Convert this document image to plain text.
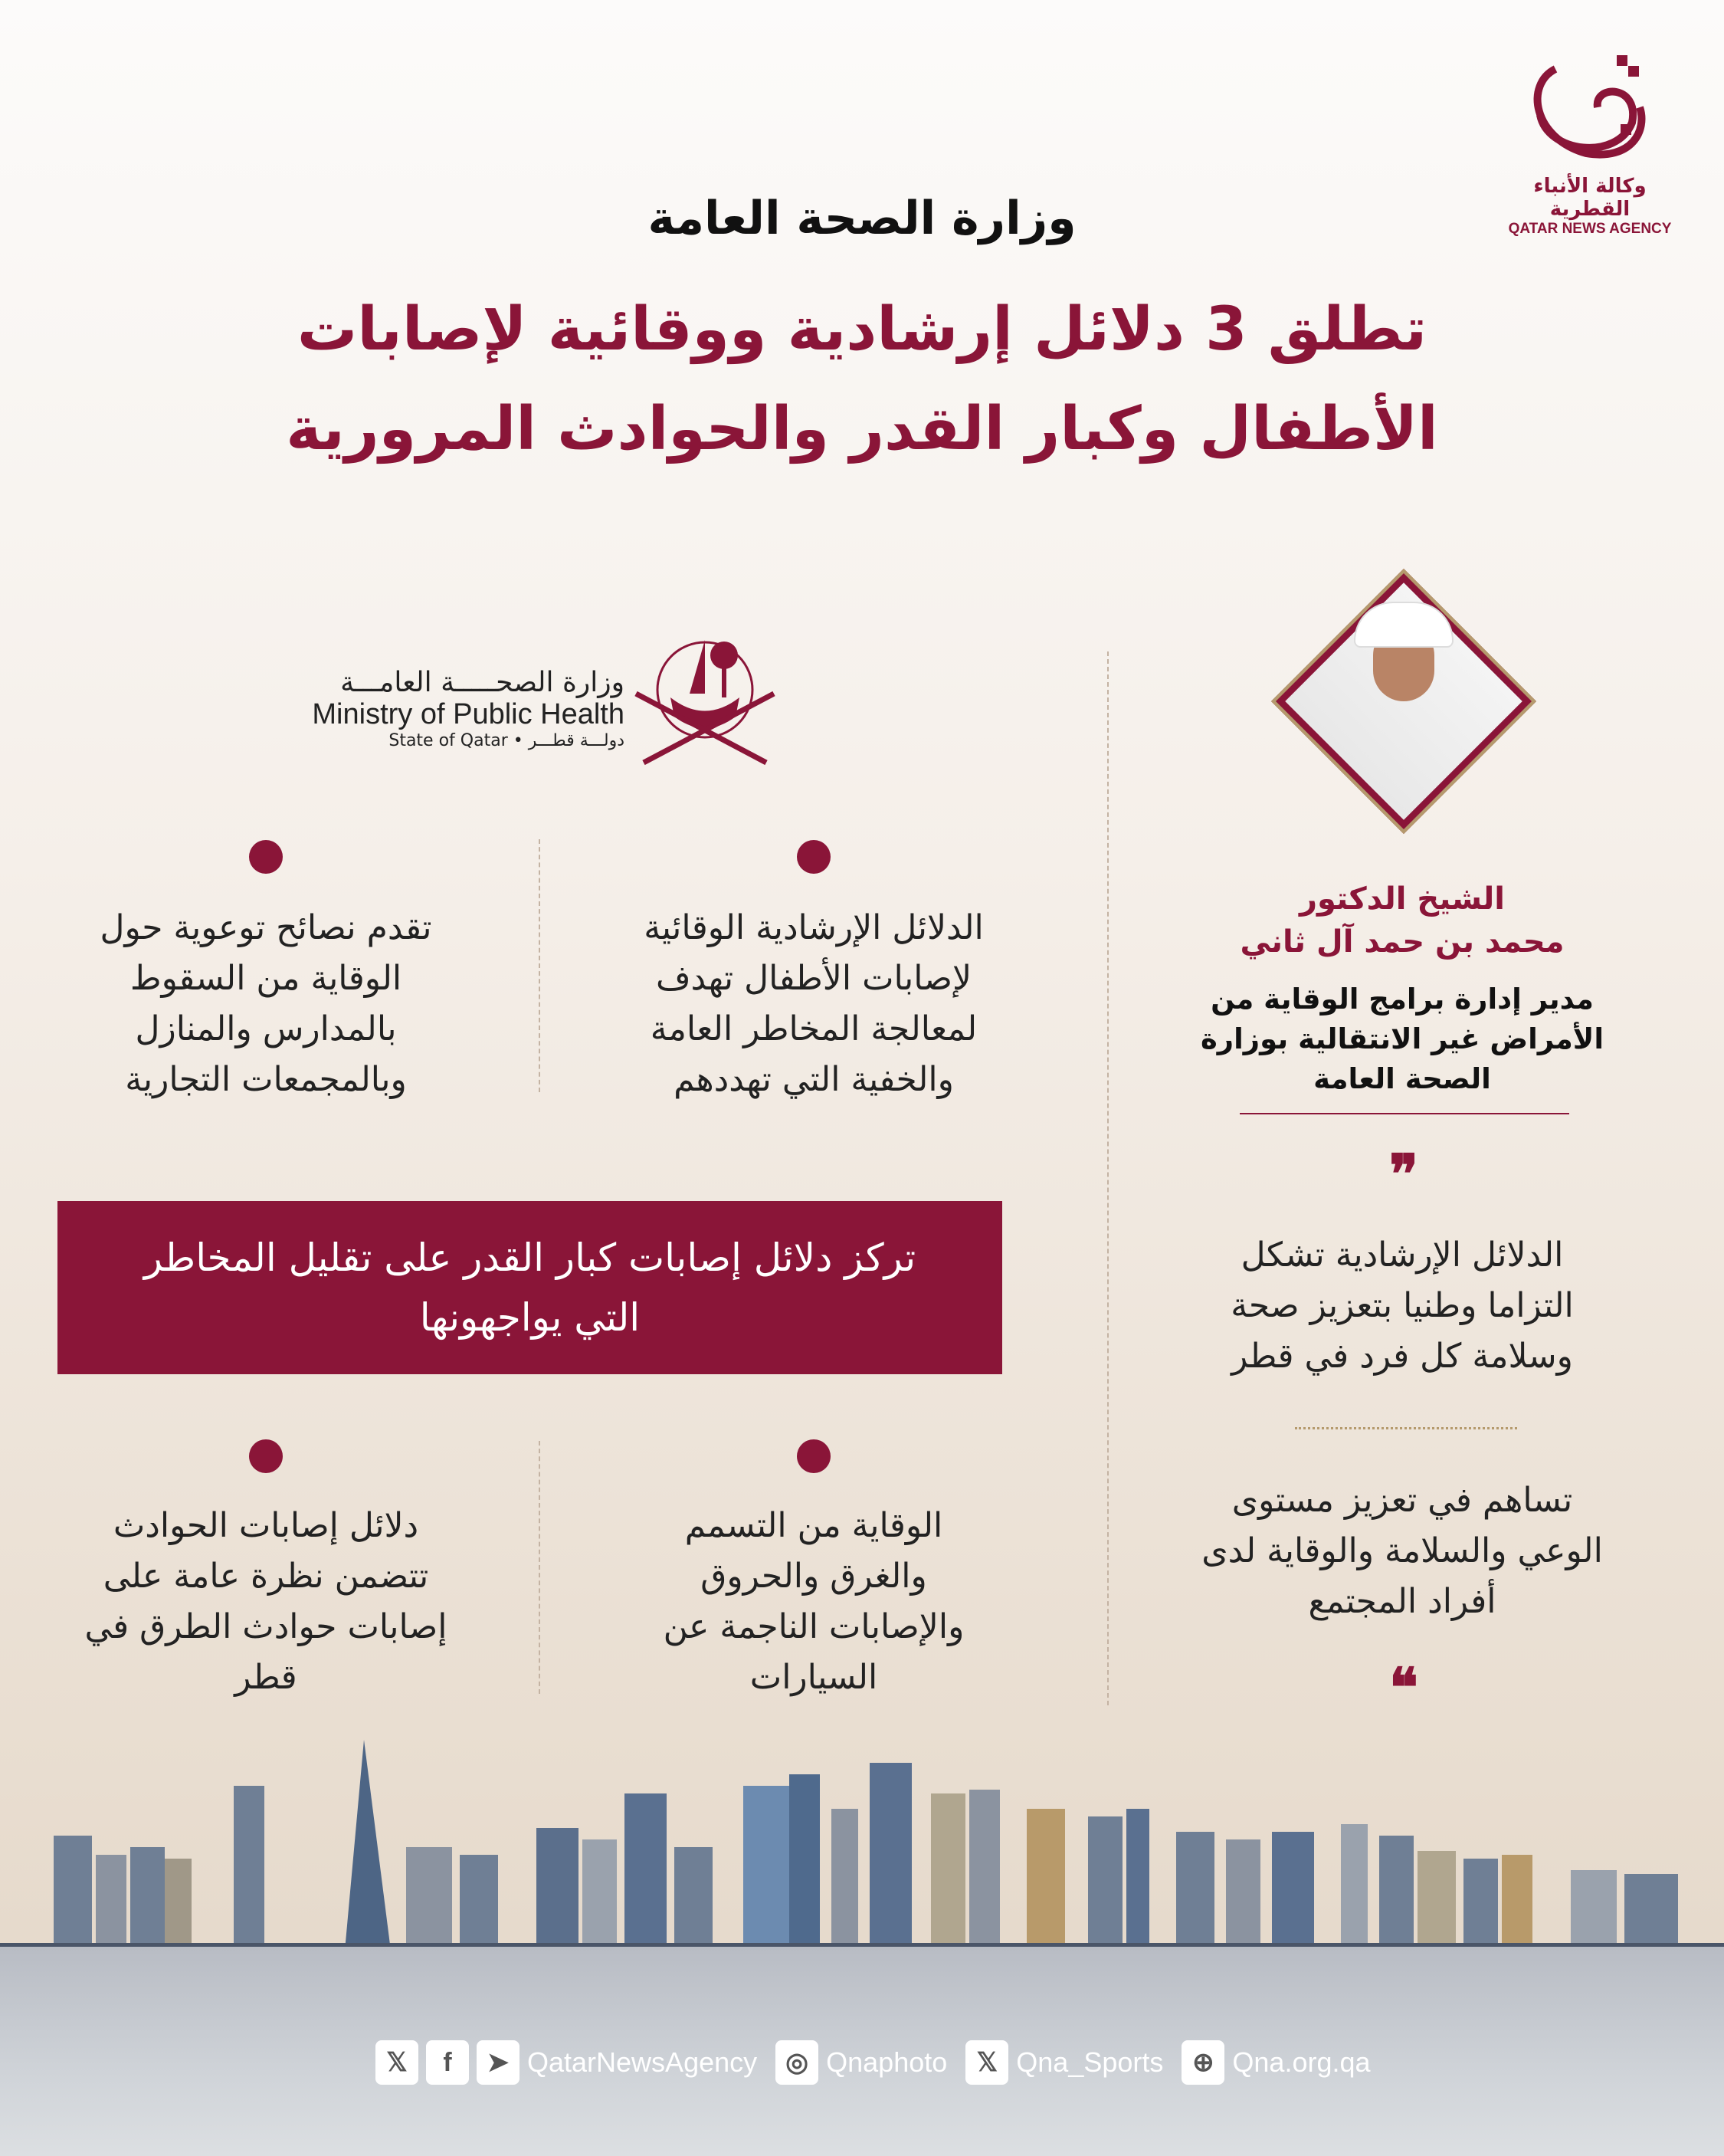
وكالة الأنباء القطرية
QATAR NEWS AGENCY
وزارة الصحة العامة
تطلق 3 دلائل إرشادية ووقائية لإصابات
الأطفال وكبار القدر والحوادث المرورية
وزارة الصحـــــة العامـــة
Ministry of Public Health
State of Qatar • دولـــة قطـــر
الشيخ الدكتور
محمد بن حمد آل ثاني
مدير إدارة برامج الوقاية من
الأمراض غير الانتقالية بوزارة
الصحة العامة
❞
الدلائل الإرشادية تشكل
التزاما وطنيا بتعزيز صحة
وسلامة كل فرد في قطر
تساهم في تعزيز مستوى
الوعي والسلامة والوقاية لدى
أفراد المجتمع
❝
الدلائل الإرشادية الوقائية
لإصابات الأطفال تهدف
لمعالجة المخاطر العامة
والخفية التي تهددهم
تقدم نصائح توعوية حول
الوقاية من السقوط
بالمدارس والمنازل
وبالمجمعات التجارية
تركز دلائل إصابات كبار القدر على تقليل المخاطر التي يواجهونها
الوقاية من التسمم
والغرق والحروق
والإصابات الناجمة عن
السيارات
دلائل إصابات الحوادث
تتضمن نظرة عامة على
إصابات حوادث الطرق في
قطر
𝕏	f	➤ QatarNewsAgency	◎ Qnaphoto	𝕏 Qna_Sports	⊕ Qna.org.qa
